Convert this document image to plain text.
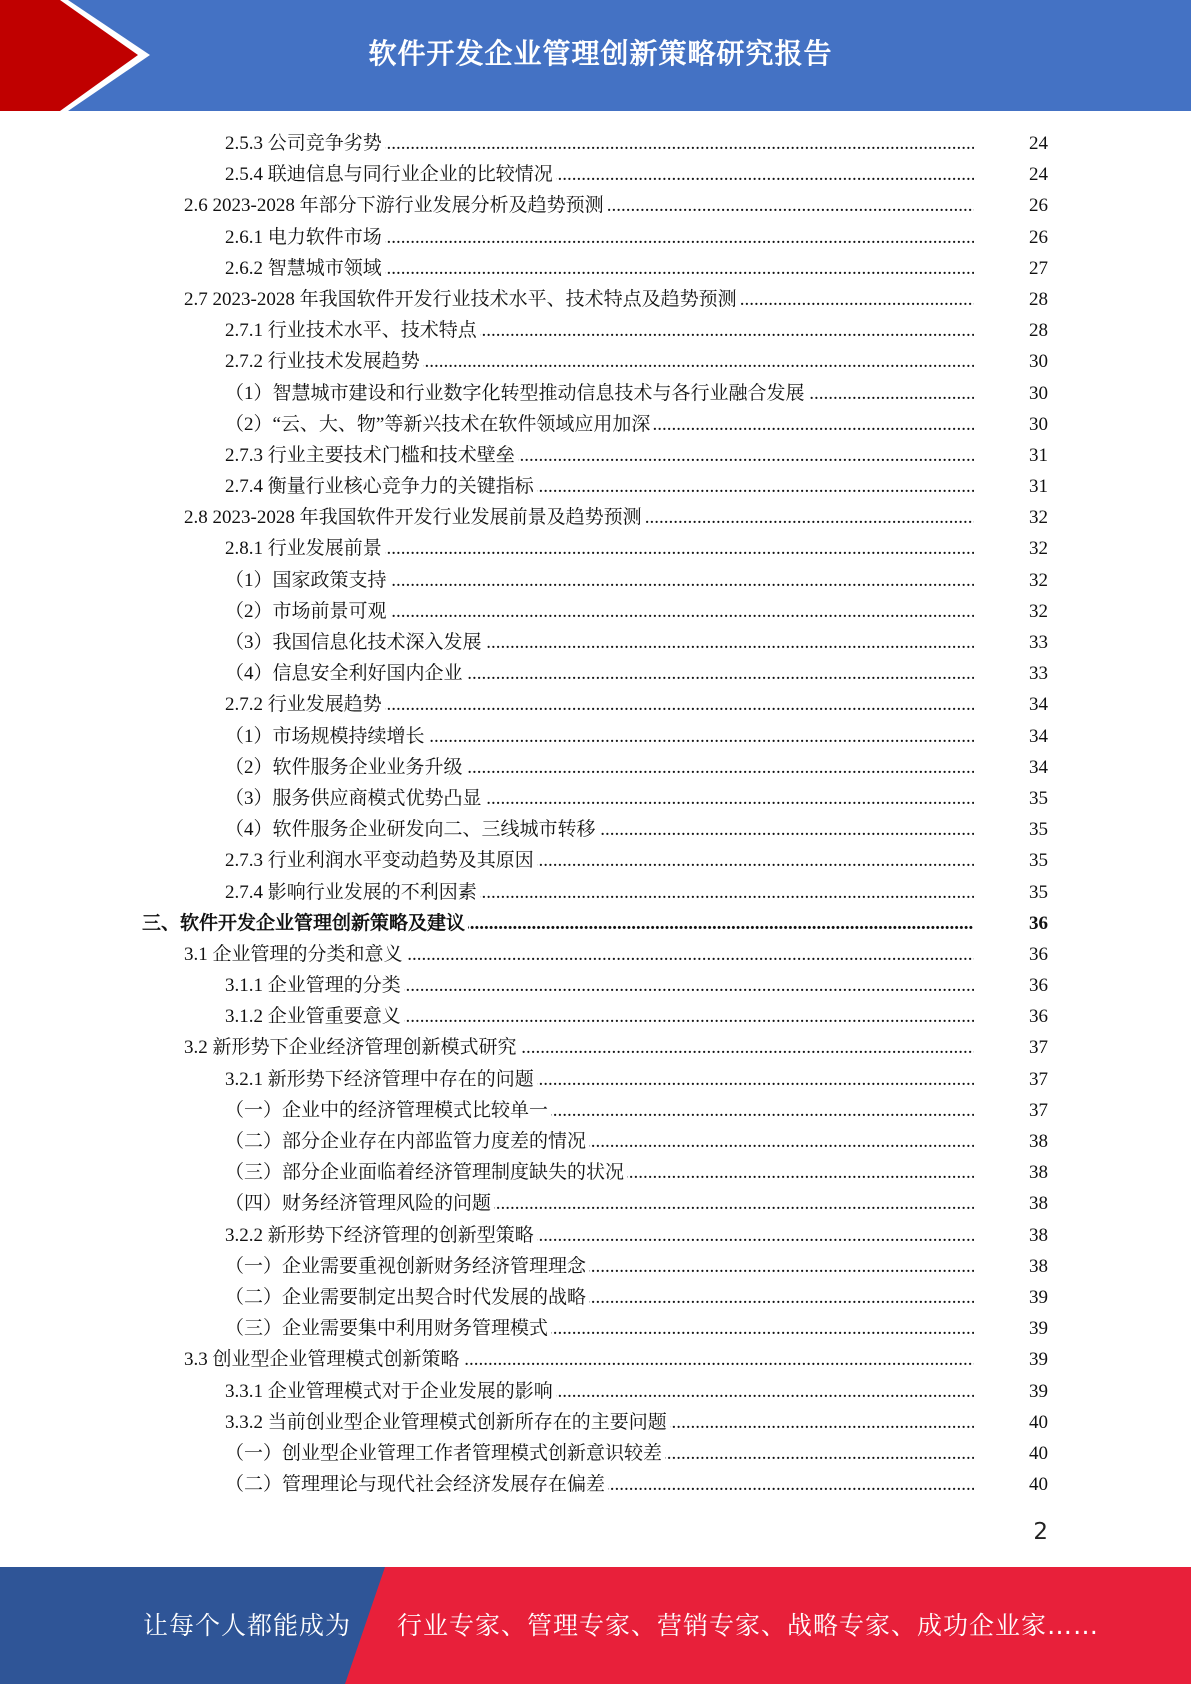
软件开发企业管理创新策略研究报告
.....
2.5.3 公司竞争劣势	24
.....
2.5.4 联迪信息与同行业企业的比较情况	24
.....
2.6 2023-2028 年部分下游行业发展分析及趋势预测	26
.....
2.6.1 电力软件市场	26
.....
2.6.2 智慧城市领域	27
.....
2.7 2023-2028 年我国软件开发行业技术水平、技术特点及趋势预测	28
.....
2.7.1 行业技术水平、技术特点	28
.....
2.7.2 行业技术发展趋势	30
.....
（1）智慧城市建设和行业数字化转型推动信息技术与各行业融合发展	30
.....
（2）“云、大、物”等新兴技术在软件领域应用加深	30
.....
2.7.3 行业主要技术门槛和技术壁垒	31
.....
2.7.4 衡量行业核心竞争力的关键指标	31
.....
2.8 2023-2028 年我国软件开发行业发展前景及趋势预测	32
.....
2.8.1 行业发展前景	32
.....
（1）国家政策支持	32
.....
（2）市场前景可观	32
.....
（3）我国信息化技术深入发展	33
.....
（4）信息安全利好国内企业	33
.....
2.7.2 行业发展趋势	34
.....
（1）市场规模持续增长	34
.....
（2）软件服务企业业务升级	34
.....
（3）服务供应商模式优势凸显	35
.....
（4）软件服务企业研发向二、三线城市转移	35
.....
2.7.3 行业利润水平变动趋势及其原因	35
.....
2.7.4 影响行业发展的不利因素	35
.....
三、软件开发企业管理创新策略及建议	36
.....
3.1 企业管理的分类和意义	36
.....
3.1.1 企业管理的分类	36
.....
3.1.2 企业管重要意义	36
.....
3.2 新形势下企业经济管理创新模式研究	37
.....
3.2.1 新形势下经济管理中存在的问题	37
.....
（一）企业中的经济管理模式比较单一	37
.....
（二）部分企业存在内部监管力度差的情况	38
.....
（三）部分企业面临着经济管理制度缺失的状况	38
.....
（四）财务经济管理风险的问题	38
.....
3.2.2 新形势下经济管理的创新型策略	38
.....
（一）企业需要重视创新财务经济管理理念	38
.....
（二）企业需要制定出契合时代发展的战略	39
.....
（三）企业需要集中利用财务管理模式	39
.....
3.3 创业型企业管理模式创新策略	39
.....
3.3.1 企业管理模式对于企业发展的影响	39
.....
3.3.2 当前创业型企业管理模式创新所存在的主要问题	40
.....
（一）创业型企业管理工作者管理模式创新意识较差	40
.....
（二）管理理论与现代社会经济发展存在偏差	40
2
让每个人都能成为 行业专家、管理专家、营销专家、战略专家、成功企业家……
